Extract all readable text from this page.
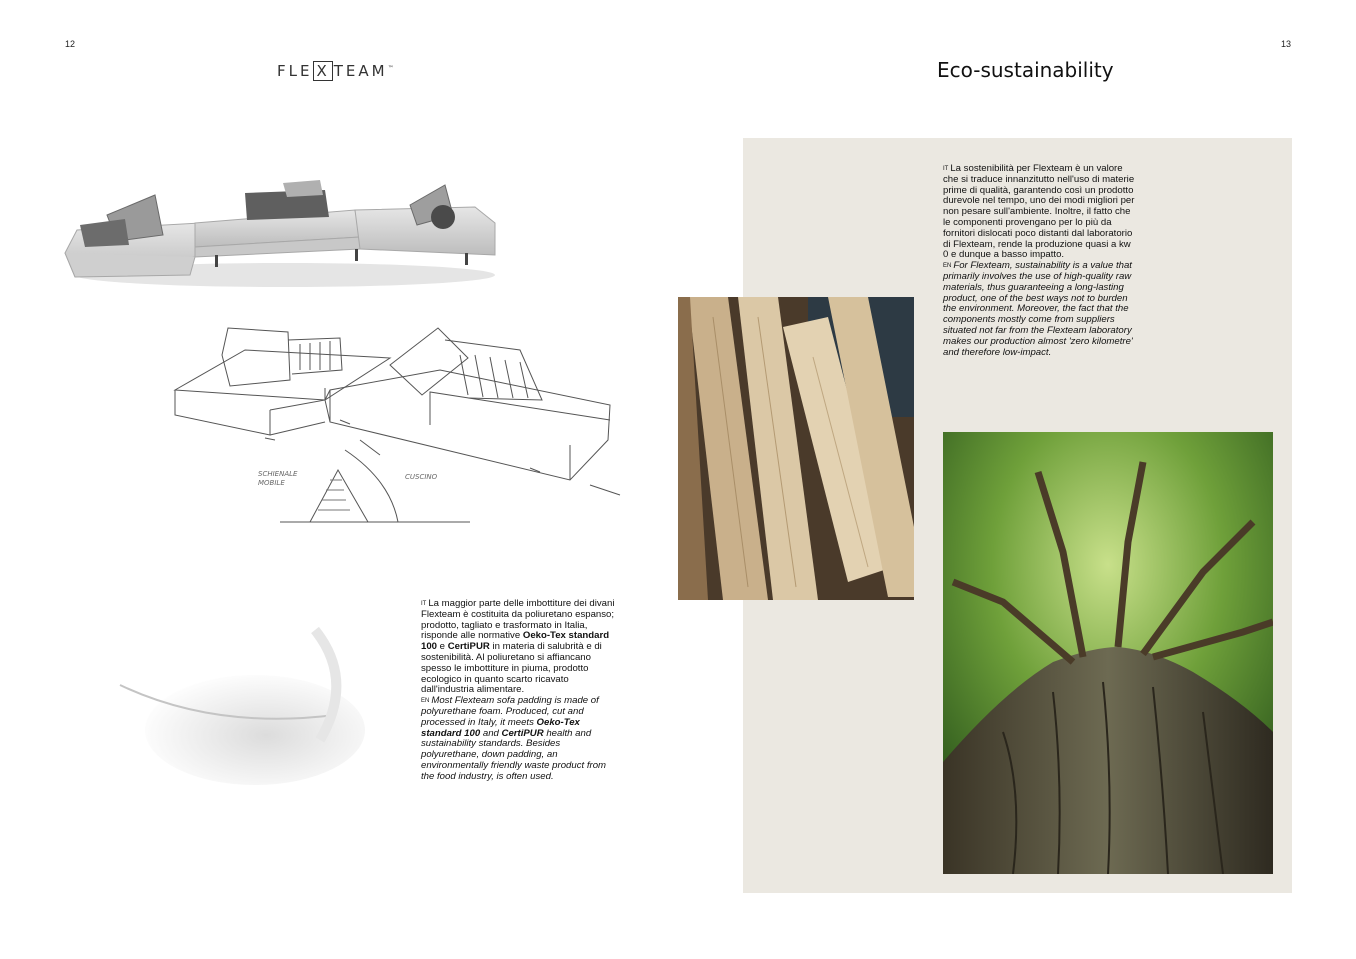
12	13
FLE X TEAM™	Eco-sustainability
SCHIENALE MOBILE
CUSCINO

$^{IT}$ La maggior parte delle imbottiture dei divani Flexteam è costituita da poliuretano espanso; prodotto, tagliato e trasformato in Italia, risponde alle normative Oeko-Tex standard 100 e CertiPUR in materia di salubrità e di sostenibilità. Al poliuretano si affiancano spesso le imbottiture in piuma, prodotto ecologico in quanto scarto ricavato dall'industria alimentare.

$^{EN}$ Most Flexteam sofa padding is made of polyurethane foam. Produced, cut and processed in Italy, it meets Oeko-Tex standard 100 and CertiPUR health and sustainability standards. Besides polyurethane, down padding, an environmentally friendly waste product from the food industry, is often used.

$^{IT}$ La sostenibilità per Flexteam è un valore che si traduce innanzitutto nell'uso di materie prime di qualità, garantendo così un prodotto durevole nel tempo, uno dei modi migliori per non pesare sull'ambiente. Inoltre, il fatto che le componenti provengano per lo più da fornitori dislocati poco distanti dal laboratorio di Flexteam, rende la produzione quasi a kw 0 e dunque a basso impatto.

$^{EN}$ For Flexteam, sustainability is a value that primarily involves the use of high-quality raw materials, thus guaranteeing a long-lasting product, one of the best ways not to burden the environment. Moreover, the fact that the components mostly come from suppliers situated not far from the Flexteam laboratory makes our production almost 'zero kilometre' and therefore low-impact.
